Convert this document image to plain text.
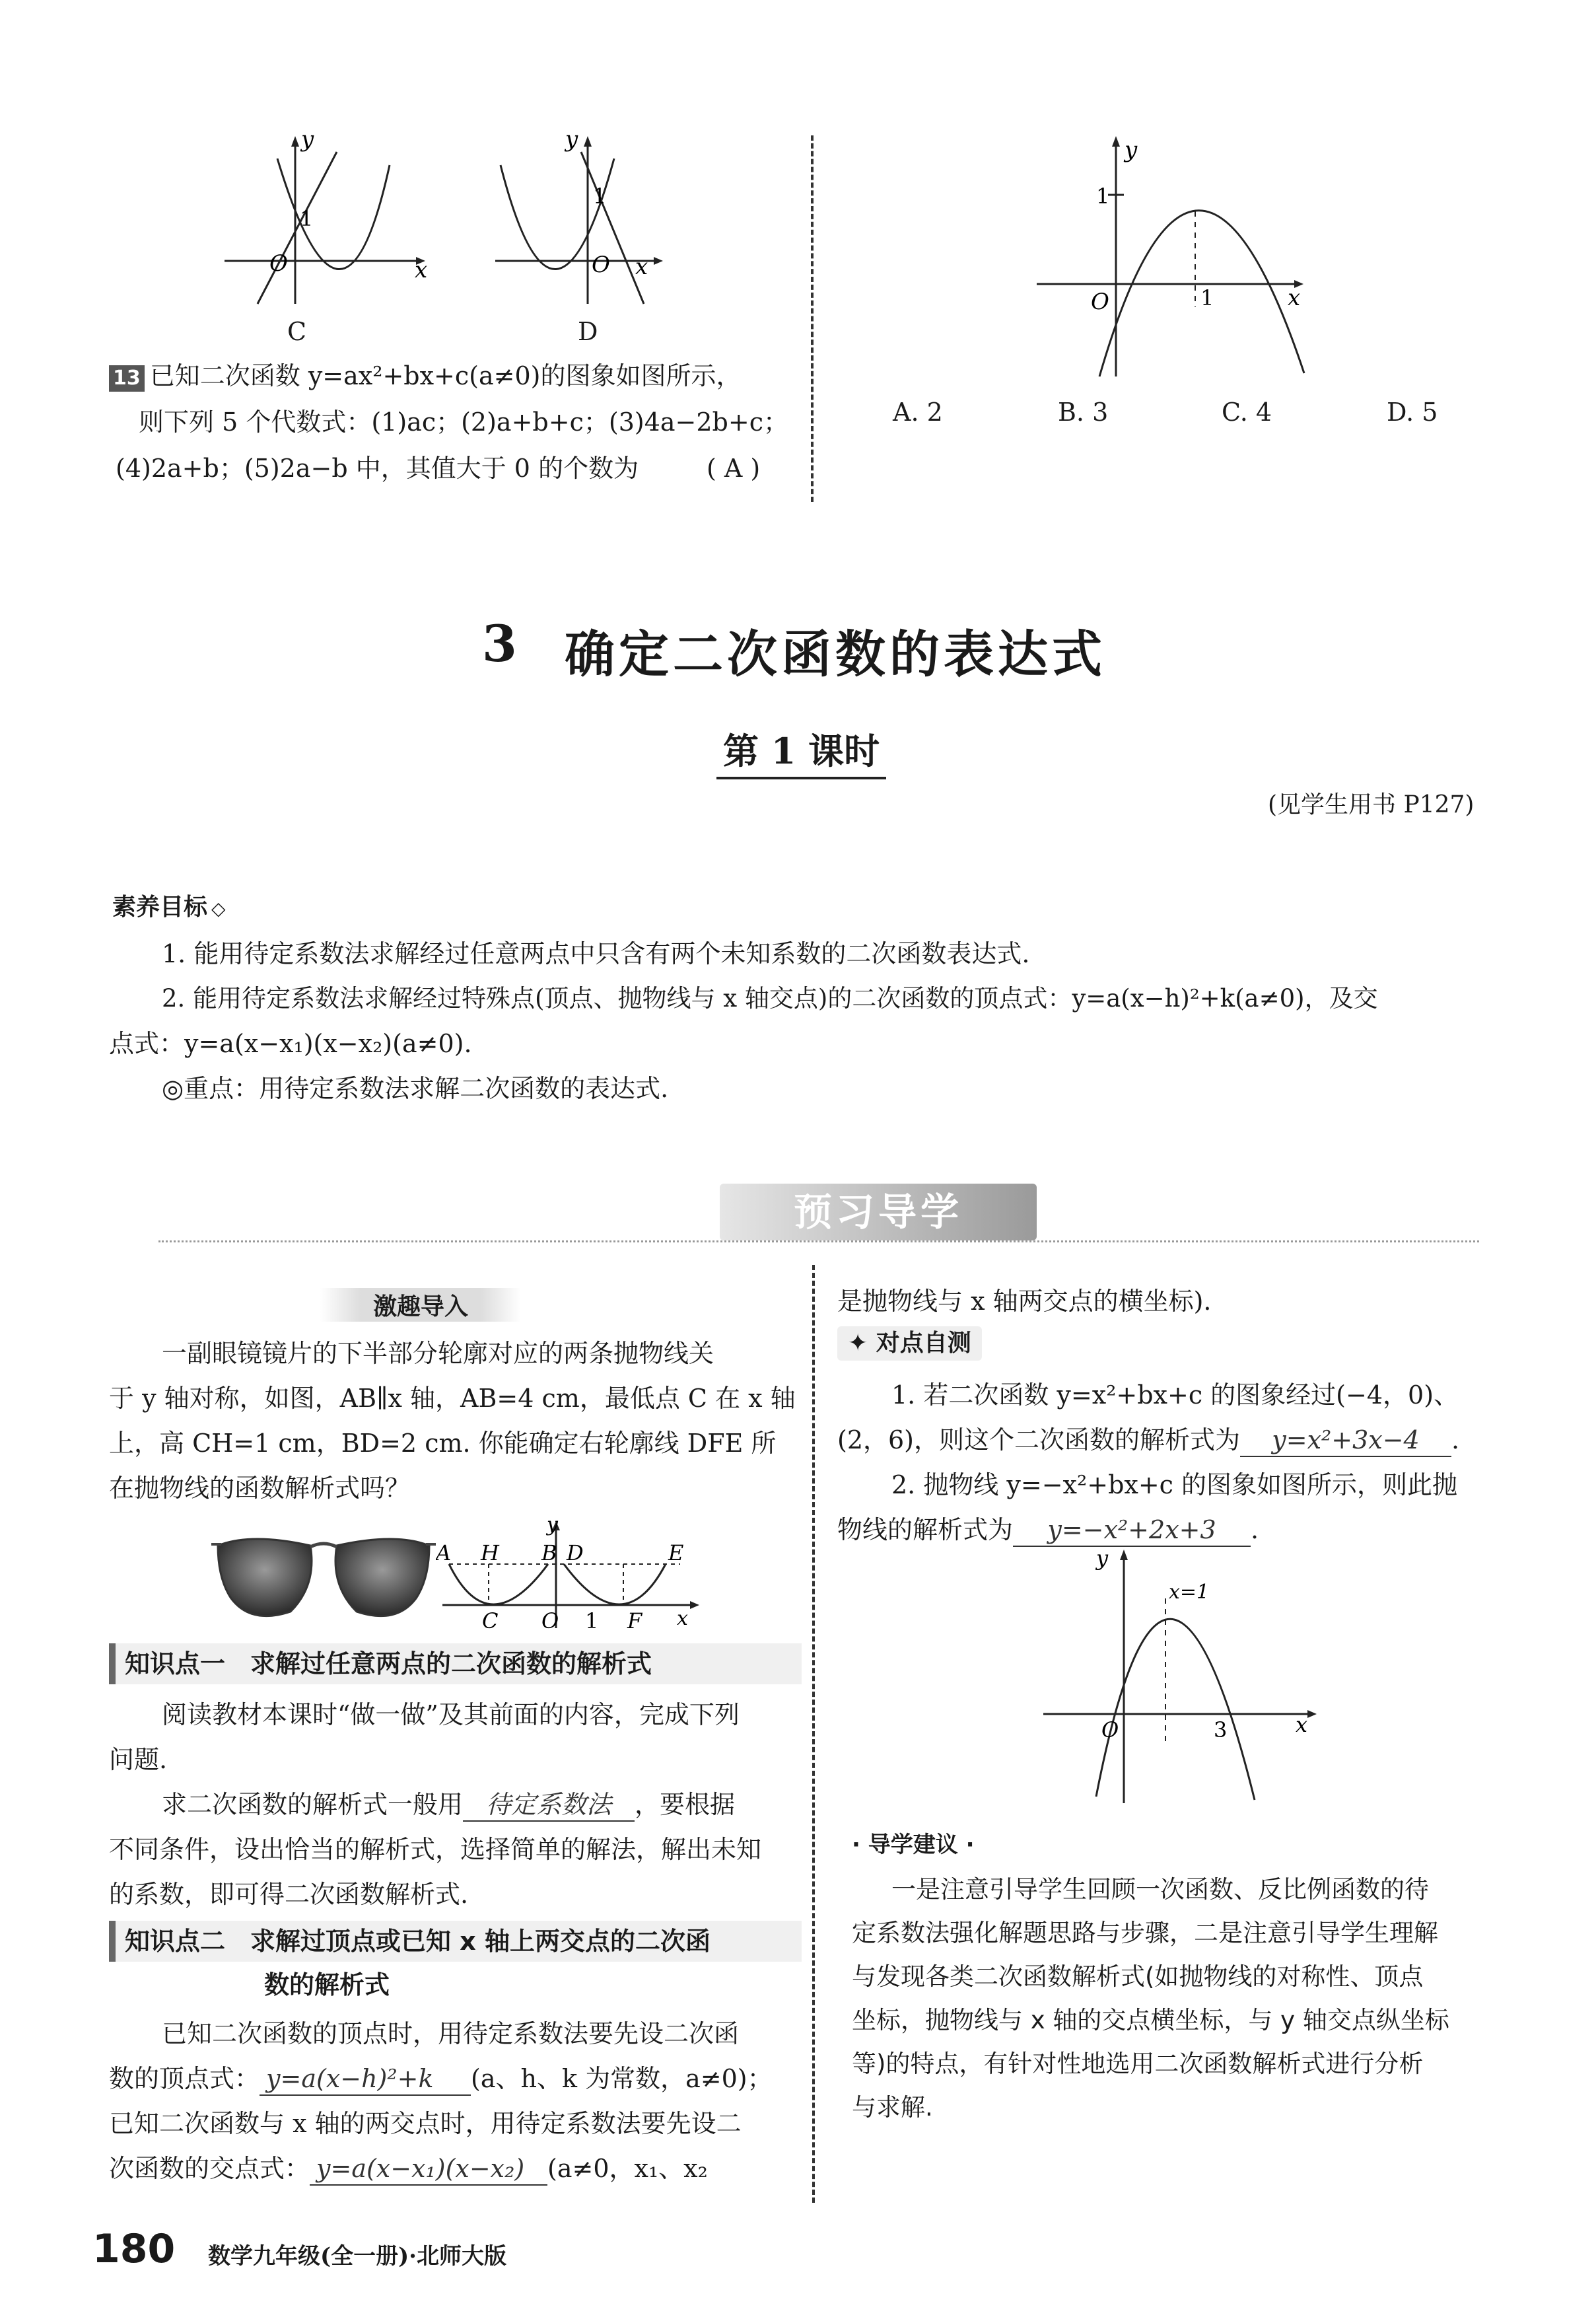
y
x
O
1
C
y
x
O
1
D
13 已知二次函数 y=ax²+bx+c(a≠0)的图象如图所示，
则下列 5 个代数式：(1)ac；(2)a+b+c；(3)4a−2b+c；
(4)2a+b；(5)2a−b 中，其值大于 0 的个数为	( A )
y
x
O
1
1
A. 2	B. 3	C. 4	D. 5
3 确定二次函数的表达式
第 1 课时
(见学生用书 P127)
素养目标 ◇
1. 能用待定系数法求解经过任意两点中只含有两个未知系数的二次函数表达式.
2. 能用待定系数法求解经过特殊点(顶点、抛物线与 x 轴交点)的二次函数的顶点式：y=a(x−h)²+k(a≠0)，及交
点式：y=a(x−x₁)(x−x₂)(a≠0).
◎重点：用待定系数法求解二次函数的表达式.
预习导学
激趣导入
一副眼镜镜片的下半部分轮廓对应的两条抛物线关
于 y 轴对称，如图，AB∥x 轴，AB=4 cm，最低点 C 在 x 轴
上，高 CH=1 cm，BD=2 cm. 你能确定右轮廓线 DFE 所
在抛物线的函数解析式吗？
A H B D	E
C O 1 F x
y
知识点一　求解过任意两点的二次函数的解析式
阅读教材本课时“做一做”及其前面的内容，完成下列
问题.
求二次函数的解析式一般用 待定系数法 ，要根据
不同条件，设出恰当的解析式，选择简单的解法，解出未知
的系数，即可得二次函数解析式.
知识点二　求解过顶点或已知 x 轴上两交点的二次函
数的解析式
已知二次函数的顶点时，用待定系数法要先设二次函
数的顶点式： y=a(x−h)²+k (a、h、k 为常数，a≠0)；
已知二次函数与 x 轴的两交点时，用待定系数法要先设二
次函数的交点式： y=a(x−x₁)(x−x₂) (a≠0，x₁、x₂
是抛物线与 x 轴两交点的横坐标).
✦ 对点自测
1. 若二次函数 y=x²+bx+c 的图象经过(−4，0)、
(2，6)，则这个二次函数的解析式为 y=x²+3x−4 .
2. 抛物线 y=−x²+bx+c 的图象如图所示，则此抛
物线的解析式为 y=−x²+2x+3 .
y
x
O
x=1
3
· 导学建议 ·
一是注意引导学生回顾一次函数、反比例函数的待
定系数法强化解题思路与步骤，二是注意引导学生理解
与发现各类二次函数解析式(如抛物线的对称性、顶点
坐标，抛物线与 x 轴的交点横坐标，与 y 轴交点纵坐标
等)的特点，有针对性地选用二次函数解析式进行分析
与求解.
180 数学九年级(全一册)·北师大版
